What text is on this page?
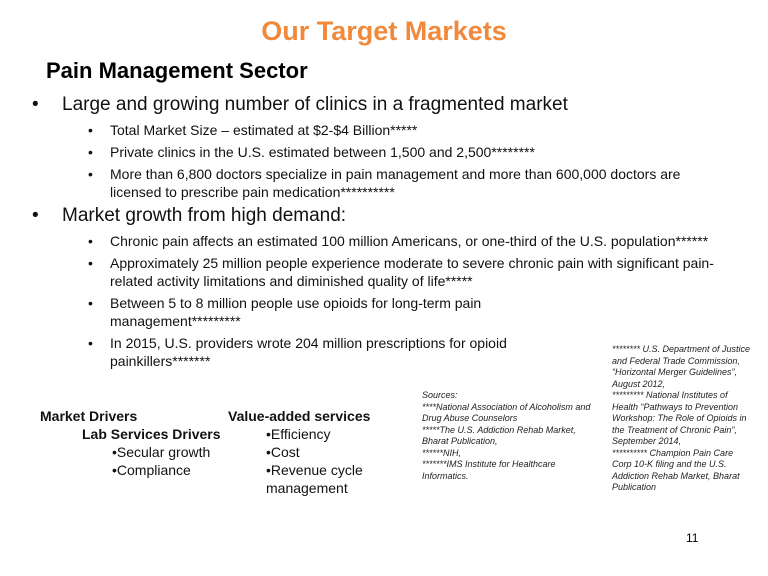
Our Target Markets
Pain Management Sector
•	Large and growing number of clinics in a fragmented market
•	Total Market Size – estimated at $2-$4 Billion*****
•	Private clinics in the U.S. estimated between 1,500 and 2,500********
•	More than 6,800 doctors specialize in pain management and more than 600,000 doctors are licensed to prescribe pain medication**********
•	Market growth from high demand:
•	Chronic pain affects an estimated 100 million Americans, or one-third of the U.S. population******
•	Approximately 25 million people experience moderate to severe chronic pain with significant pain-related activity limitations and diminished quality of life*****
•	Between 5 to 8 million people use opioids for long-term pain management*********
•	In 2015, U.S. providers wrote 204 million prescriptions for opioid painkillers*******
Market Drivers
Lab Services Drivers
•Secular growth
•Compliance
Value-added services
•Efficiency
•Cost
•Revenue cycle
management
Sources:
****National Association of Alcoholism and Drug Abuse Counselors
*****The U.S. Addiction Rehab Market, Bharat Publication,
******NIH,
*******IMS Institute for Healthcare Informatics.
******** U.S. Department of Justice and Federal Trade Commission, “Horizontal Merger Guidelines”, August 2012,
********* National Institutes of Health “Pathways to Prevention Workshop: The Role of Opioids in the Treatment of Chronic Pain”, September 2014,
********** Champion Pain Care Corp 10-K filing and the U.S. Addiction Rehab Market, Bharat Publication
11
